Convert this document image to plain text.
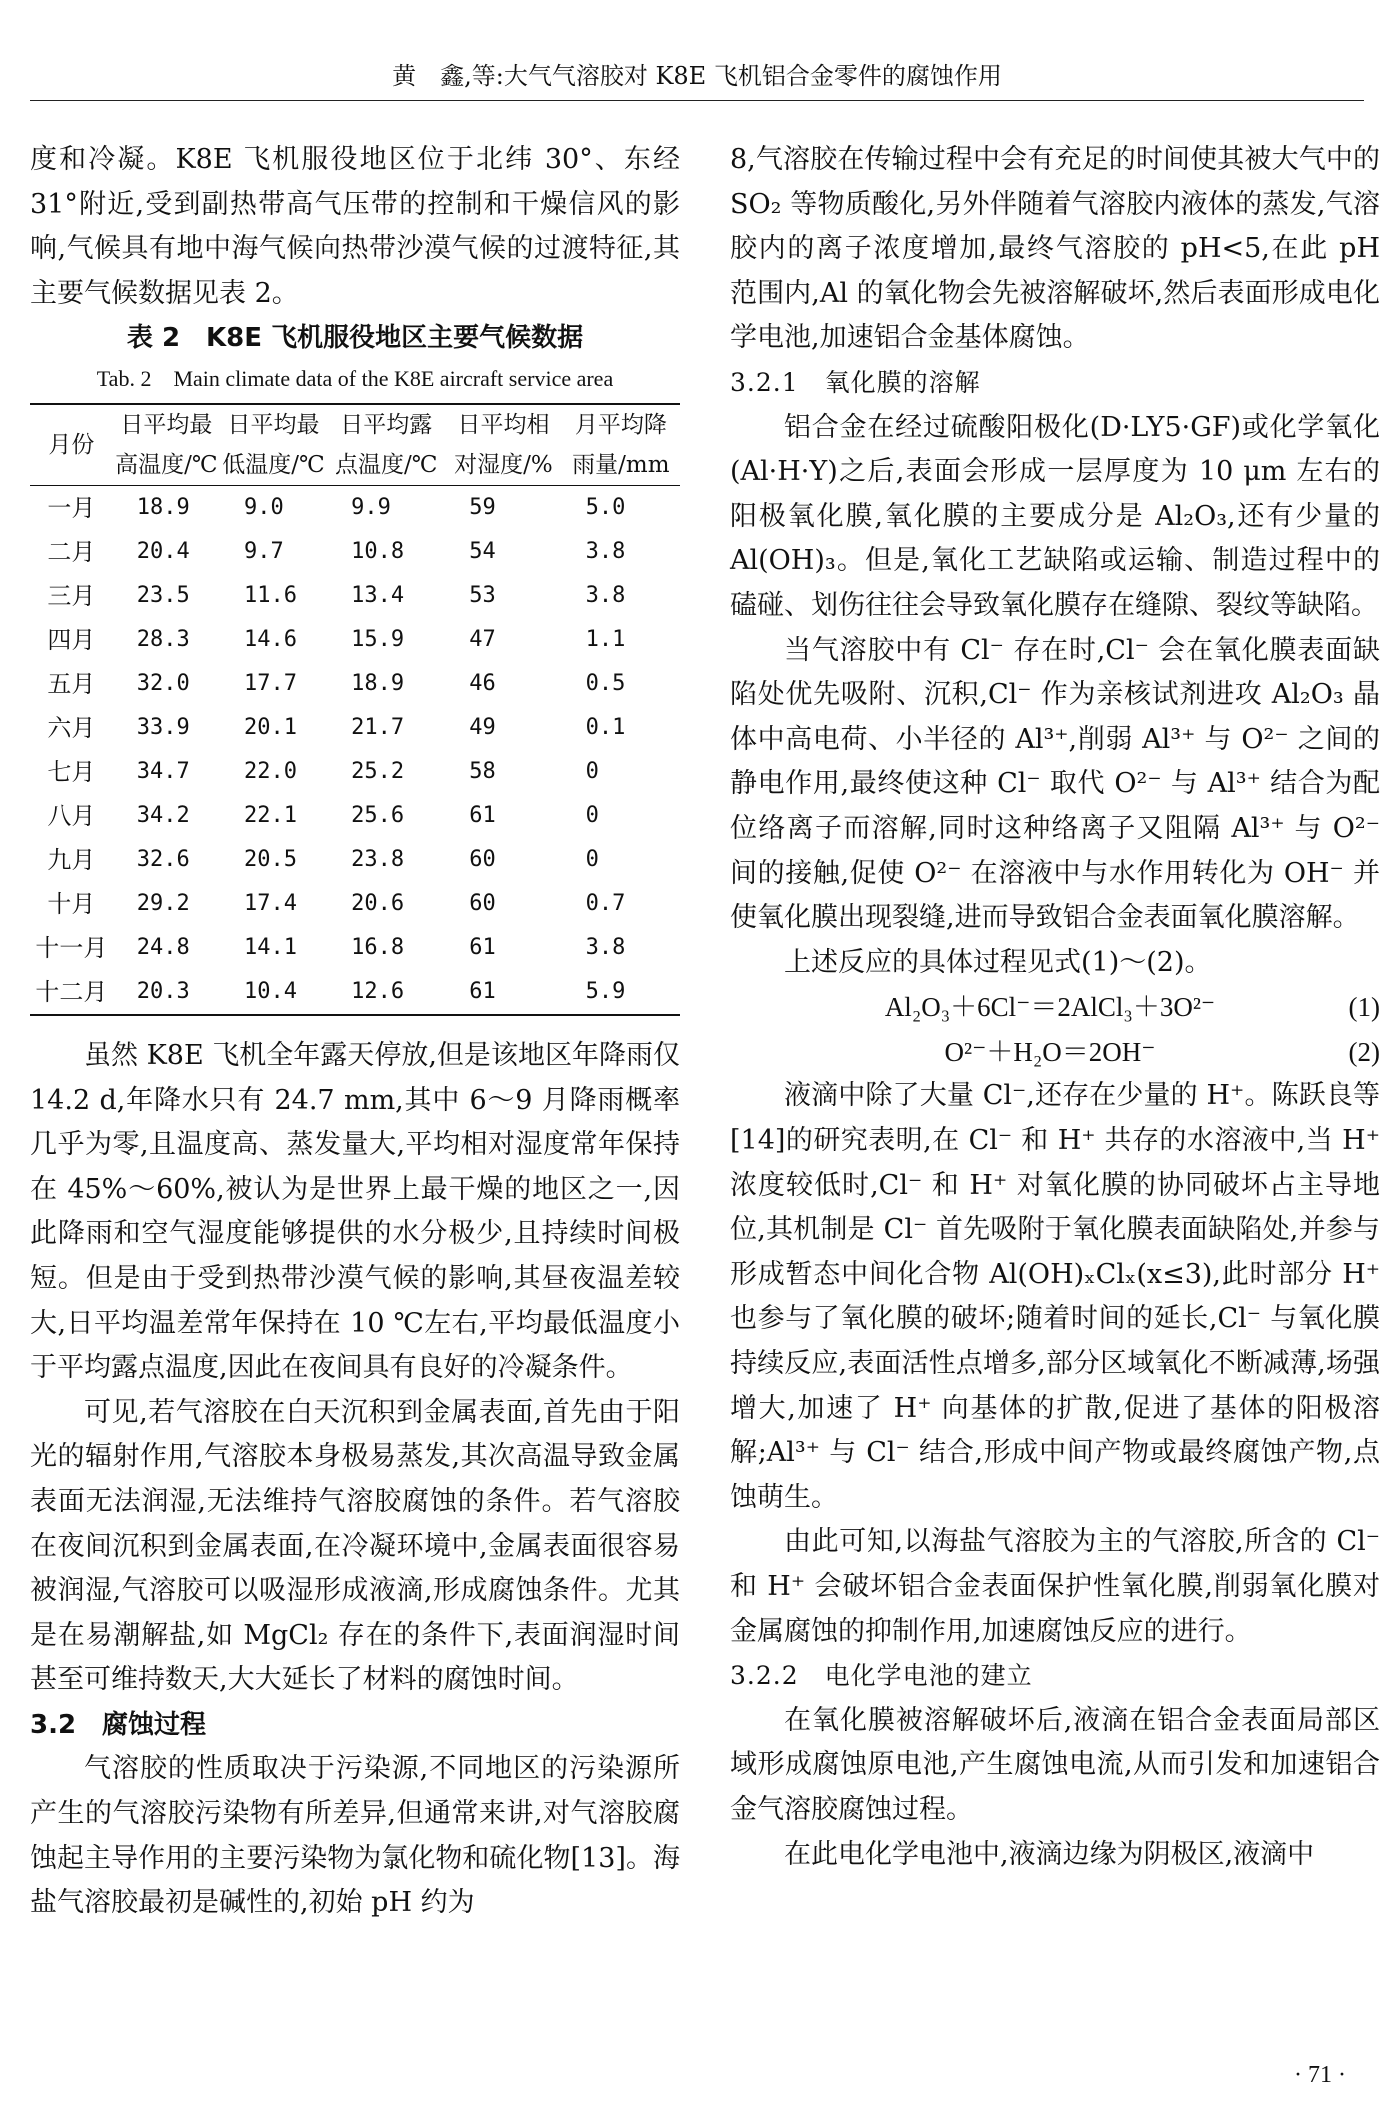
黄　鑫,等:大气气溶胶对 K8E 飞机铝合金零件的腐蚀作用

度和冷凝。K8E 飞机服役地区位于北纬 30°、东经 31°附近,受到副热带高气压带的控制和干燥信风的影响,气候具有地中海气候向热带沙漠气候的过渡特征,其主要气候数据见表 2。

表 2　K8E 飞机服役地区主要气候数据

Tab. 2　Main climate data of the K8E aircraft service area

月份	日平均最高温度/℃	日平均最低温度/℃	日平均露点温度/℃	日平均相对湿度/%	月平均降雨量/mm
一月	18.9	9.0	9.9	59	5.0
二月	20.4	9.7	10.8	54	3.8
三月	23.5	11.6	13.4	53	3.8
四月	28.3	14.6	15.9	47	1.1
五月	32.0	17.7	18.9	46	0.5
六月	33.9	20.1	21.7	49	0.1
七月	34.7	22.0	25.2	58	0
八月	34.2	22.1	25.6	61	0
九月	32.6	20.5	23.8	60	0
十月	29.2	17.4	20.6	60	0.7
十一月	24.8	14.1	16.8	61	3.8
十二月	20.3	10.4	12.6	61	5.9

虽然 K8E 飞机全年露天停放,但是该地区年降雨仅 14.2 d,年降水只有 24.7 mm,其中 6～9 月降雨概率几乎为零,且温度高、蒸发量大,平均相对湿度常年保持在 45%～60%,被认为是世界上最干燥的地区之一,因此降雨和空气湿度能够提供的水分极少,且持续时间极短。但是由于受到热带沙漠气候的影响,其昼夜温差较大,日平均温差常年保持在 10 ℃左右,平均最低温度小于平均露点温度,因此在夜间具有良好的冷凝条件。

可见,若气溶胶在白天沉积到金属表面,首先由于阳光的辐射作用,气溶胶本身极易蒸发,其次高温导致金属表面无法润湿,无法维持气溶胶腐蚀的条件。若气溶胶在夜间沉积到金属表面,在冷凝环境中,金属表面很容易被润湿,气溶胶可以吸湿形成液滴,形成腐蚀条件。尤其是在易潮解盐,如 MgCl₂ 存在的条件下,表面润湿时间甚至可维持数天,大大延长了材料的腐蚀时间。

3.2　腐蚀过程

气溶胶的性质取决于污染源,不同地区的污染源所产生的气溶胶污染物有所差异,但通常来讲,对气溶胶腐蚀起主导作用的主要污染物为氯化物和硫化物[13]。海盐气溶胶最初是碱性的,初始 pH 约为

8,气溶胶在传输过程中会有充足的时间使其被大气中的 SO₂ 等物质酸化,另外伴随着气溶胶内液体的蒸发,气溶胶内的离子浓度增加,最终气溶胶的 pH<5,在此 pH 范围内,Al 的氧化物会先被溶解破坏,然后表面形成电化学电池,加速铝合金基体腐蚀。

3.2.1　氧化膜的溶解

铝合金在经过硫酸阳极化(D·LY5·GF)或化学氧化(Al·H·Y)之后,表面会形成一层厚度为 10 μm 左右的阳极氧化膜,氧化膜的主要成分是 Al₂O₃,还有少量的 Al(OH)₃。但是,氧化工艺缺陷或运输、制造过程中的磕碰、划伤往往会导致氧化膜存在缝隙、裂纹等缺陷。

当气溶胶中有 Cl⁻ 存在时,Cl⁻ 会在氧化膜表面缺陷处优先吸附、沉积,Cl⁻ 作为亲核试剂进攻 Al₂O₃ 晶体中高电荷、小半径的 Al³⁺,削弱 Al³⁺ 与 O²⁻ 之间的静电作用,最终使这种 Cl⁻ 取代 O²⁻ 与 Al³⁺ 结合为配位络离子而溶解,同时这种络离子又阻隔 Al³⁺ 与 O²⁻ 间的接触,促使 O²⁻ 在溶液中与水作用转化为 OH⁻ 并使氧化膜出现裂缝,进而导致铝合金表面氧化膜溶解。

上述反应的具体过程见式(1)～(2)。

Al₂O₃＋6Cl⁻＝2AlCl₃＋3O²⁻	(1)
O²⁻＋H₂O＝2OH⁻	(2)

液滴中除了大量 Cl⁻,还存在少量的 H⁺。陈跃良等[14]的研究表明,在 Cl⁻ 和 H⁺ 共存的水溶液中,当 H⁺ 浓度较低时,Cl⁻ 和 H⁺ 对氧化膜的协同破坏占主导地位,其机制是 Cl⁻ 首先吸附于氧化膜表面缺陷处,并参与形成暂态中间化合物 Al(OH)ₓClₓ(x≤3),此时部分 H⁺ 也参与了氧化膜的破坏;随着时间的延长,Cl⁻ 与氧化膜持续反应,表面活性点增多,部分区域氧化不断减薄,场强增大,加速了 H⁺ 向基体的扩散,促进了基体的阳极溶解;Al³⁺ 与 Cl⁻ 结合,形成中间产物或最终腐蚀产物,点蚀萌生。

由此可知,以海盐气溶胶为主的气溶胶,所含的 Cl⁻ 和 H⁺ 会破坏铝合金表面保护性氧化膜,削弱氧化膜对金属腐蚀的抑制作用,加速腐蚀反应的进行。

3.2.2　电化学电池的建立

在氧化膜被溶解破坏后,液滴在铝合金表面局部区域形成腐蚀原电池,产生腐蚀电流,从而引发和加速铝合金气溶胶腐蚀过程。

在此电化学电池中,液滴边缘为阴极区,液滴中

· 71 ·
